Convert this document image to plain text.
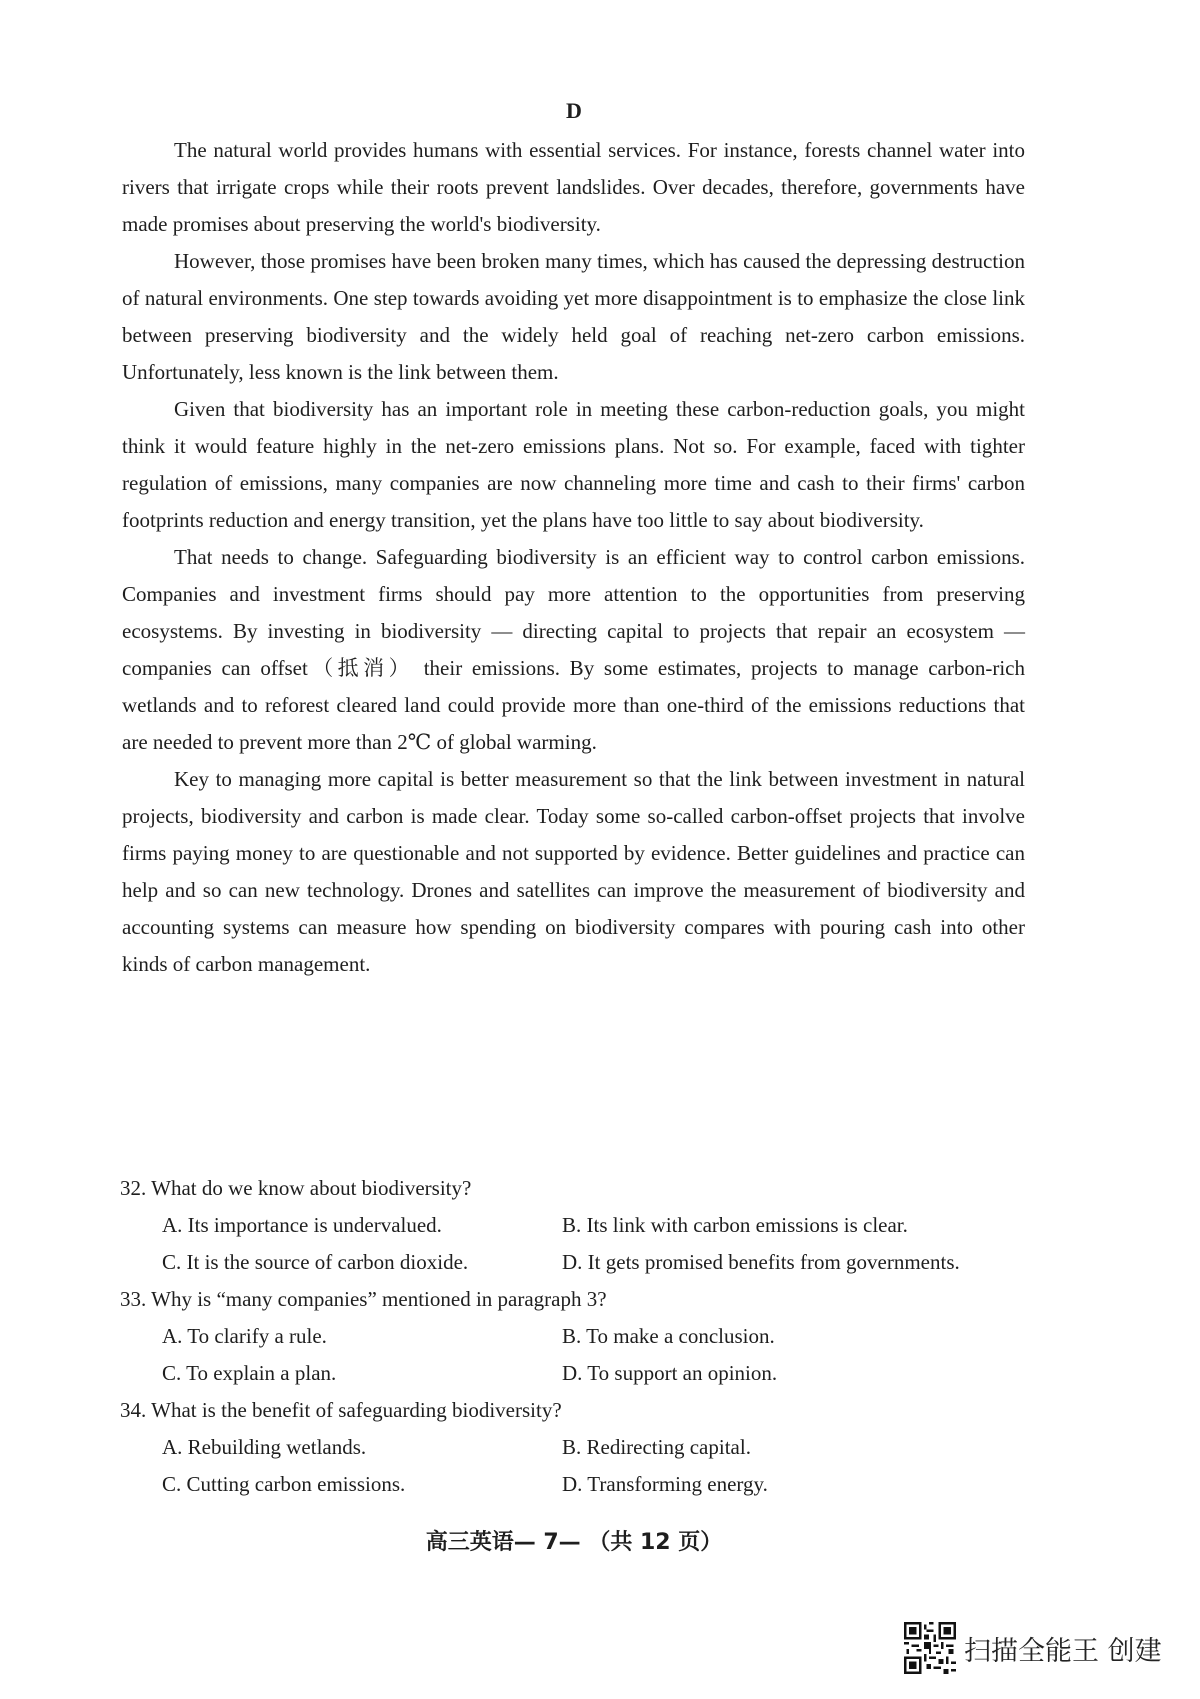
D

The natural world provides humans with essential services. For instance, forests channel water into rivers that irrigate crops while their roots prevent landslides. Over decades, therefore, governments have made promises about preserving the world's biodiversity.

However, those promises have been broken many times, which has caused the depressing destruction of natural environments. One step towards avoiding yet more disappointment is to emphasize the close link between preserving biodiversity and the widely held goal of reaching net-zero carbon emissions. Unfortunately, less known is the link between them.

Given that biodiversity has an important role in meeting these carbon-reduction goals, you might think it would feature highly in the net-zero emissions plans. Not so. For example, faced with tighter regulation of emissions, many companies are now channeling more time and cash to their firms' carbon footprints reduction and energy transition, yet the plans have too little to say about biodiversity.

That needs to change. Safeguarding biodiversity is an efficient way to control carbon emissions. Companies and investment firms should pay more attention to the opportunities from preserving ecosystems. By investing in biodiversity — directing capital to projects that repair an ecosystem — companies can offset（抵消） their emissions. By some estimates, projects to manage carbon-rich wetlands and to reforest cleared land could provide more than one-third of the emissions reductions that are needed to prevent more than 2℃ of global warming.

Key to managing more capital is better measurement so that the link between investment in natural projects, biodiversity and carbon is made clear. Today some so-called carbon-offset projects that involve firms paying money to are questionable and not supported by evidence. Better guidelines and practice can help and so can new technology. Drones and satellites can improve the measurement of biodiversity and accounting systems can measure how spending on biodiversity compares with pouring cash into other kinds of carbon management.

32. What do we know about biodiversity?
A. Its importance is undervalued.	B. Its link with carbon emissions is clear.
C. It is the source of carbon dioxide.	D. It gets promised benefits from governments.
33. Why is “many companies” mentioned in paragraph 3?
A. To clarify a rule.	B. To make a conclusion.
C. To explain a plan.	D. To support an opinion.
34. What is the benefit of safeguarding biodiversity?
A. Rebuilding wetlands.	B. Redirecting capital.
C. Cutting carbon emissions.	D. Transforming energy.
高三英语— 7— （共 12 页）
扫描全能王 创建
